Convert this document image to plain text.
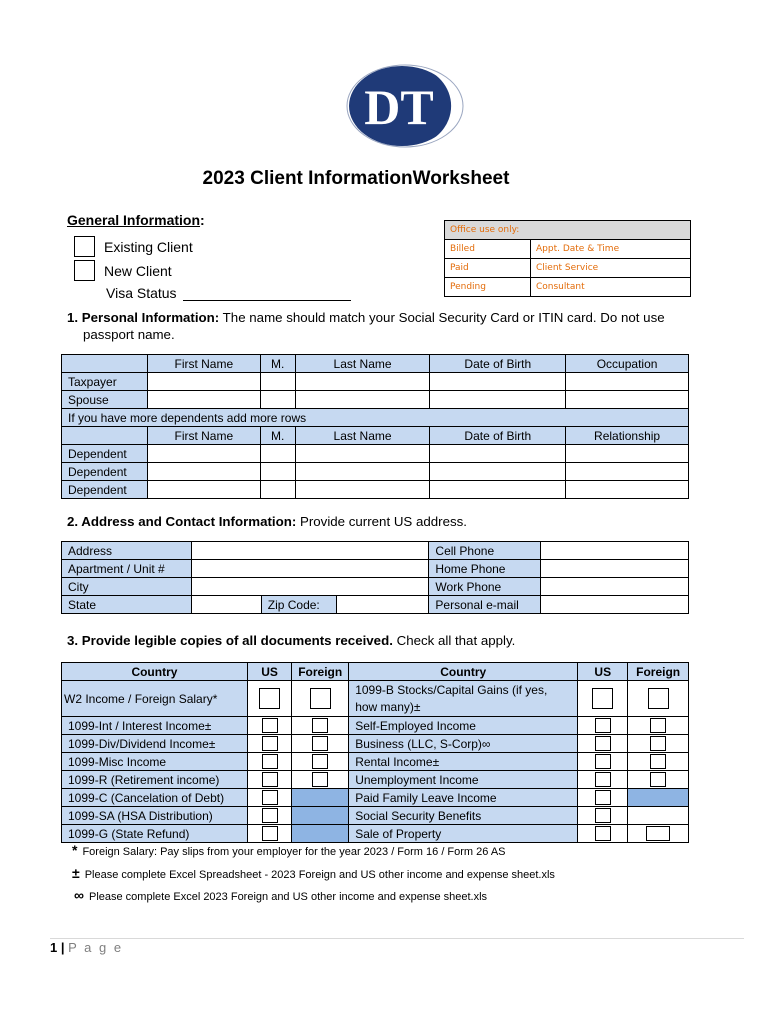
DT
2023 Client InformationWorksheet
General Information:
Existing Client
New Client
Visa Status
Office use only:	
Billed	Appt. Date & Time
Paid	Client Service
Pending	Consultant
1. Personal Information: The name should match your Social Security Card or ITIN card. Do not use
passport name.
	First Name	M.	Last Name	Date of Birth	Occupation
Taxpayer					
Spouse					
If you have more dependents add more rows					
	First Name	M.	Last Name	Date of Birth	Relationship
Dependent					
Dependent					
Dependent					
2. Address and Contact Information: Provide current US address.
Address				Cell Phone	
Apartment / Unit #				Home Phone	
City				Work Phone	
State		Zip Code:		Personal e-mail	
3. Provide legible copies of all documents received. Check all that apply.
Country	US	Foreign	Country	US	Foreign
W2 Income / Foreign Salary*			1099-B Stocks/Capital Gains (if yes, how many)±		
1099-Int / Interest Income±			Self-Employed Income		
1099-Div/Dividend Income±			Business (LLC, S-Corp)∞		
1099-Misc Income			Rental Income±		
1099-R (Retirement income)			Unemployment Income		
1099-C (Cancelation of Debt)			Paid Family Leave Income		
1099-SA (HSA Distribution)			Social Security Benefits		
1099-G (State Refund)			Sale of Property		
* Foreign Salary: Pay slips from your employer for the year 2023 / Form 16 / Form 26 AS
± Please complete Excel Spreadsheet - 2023 Foreign and US other income and expense sheet.xls
∞ Please complete Excel 2023 Foreign and US other income and expense sheet.xls
1 | P a g e
